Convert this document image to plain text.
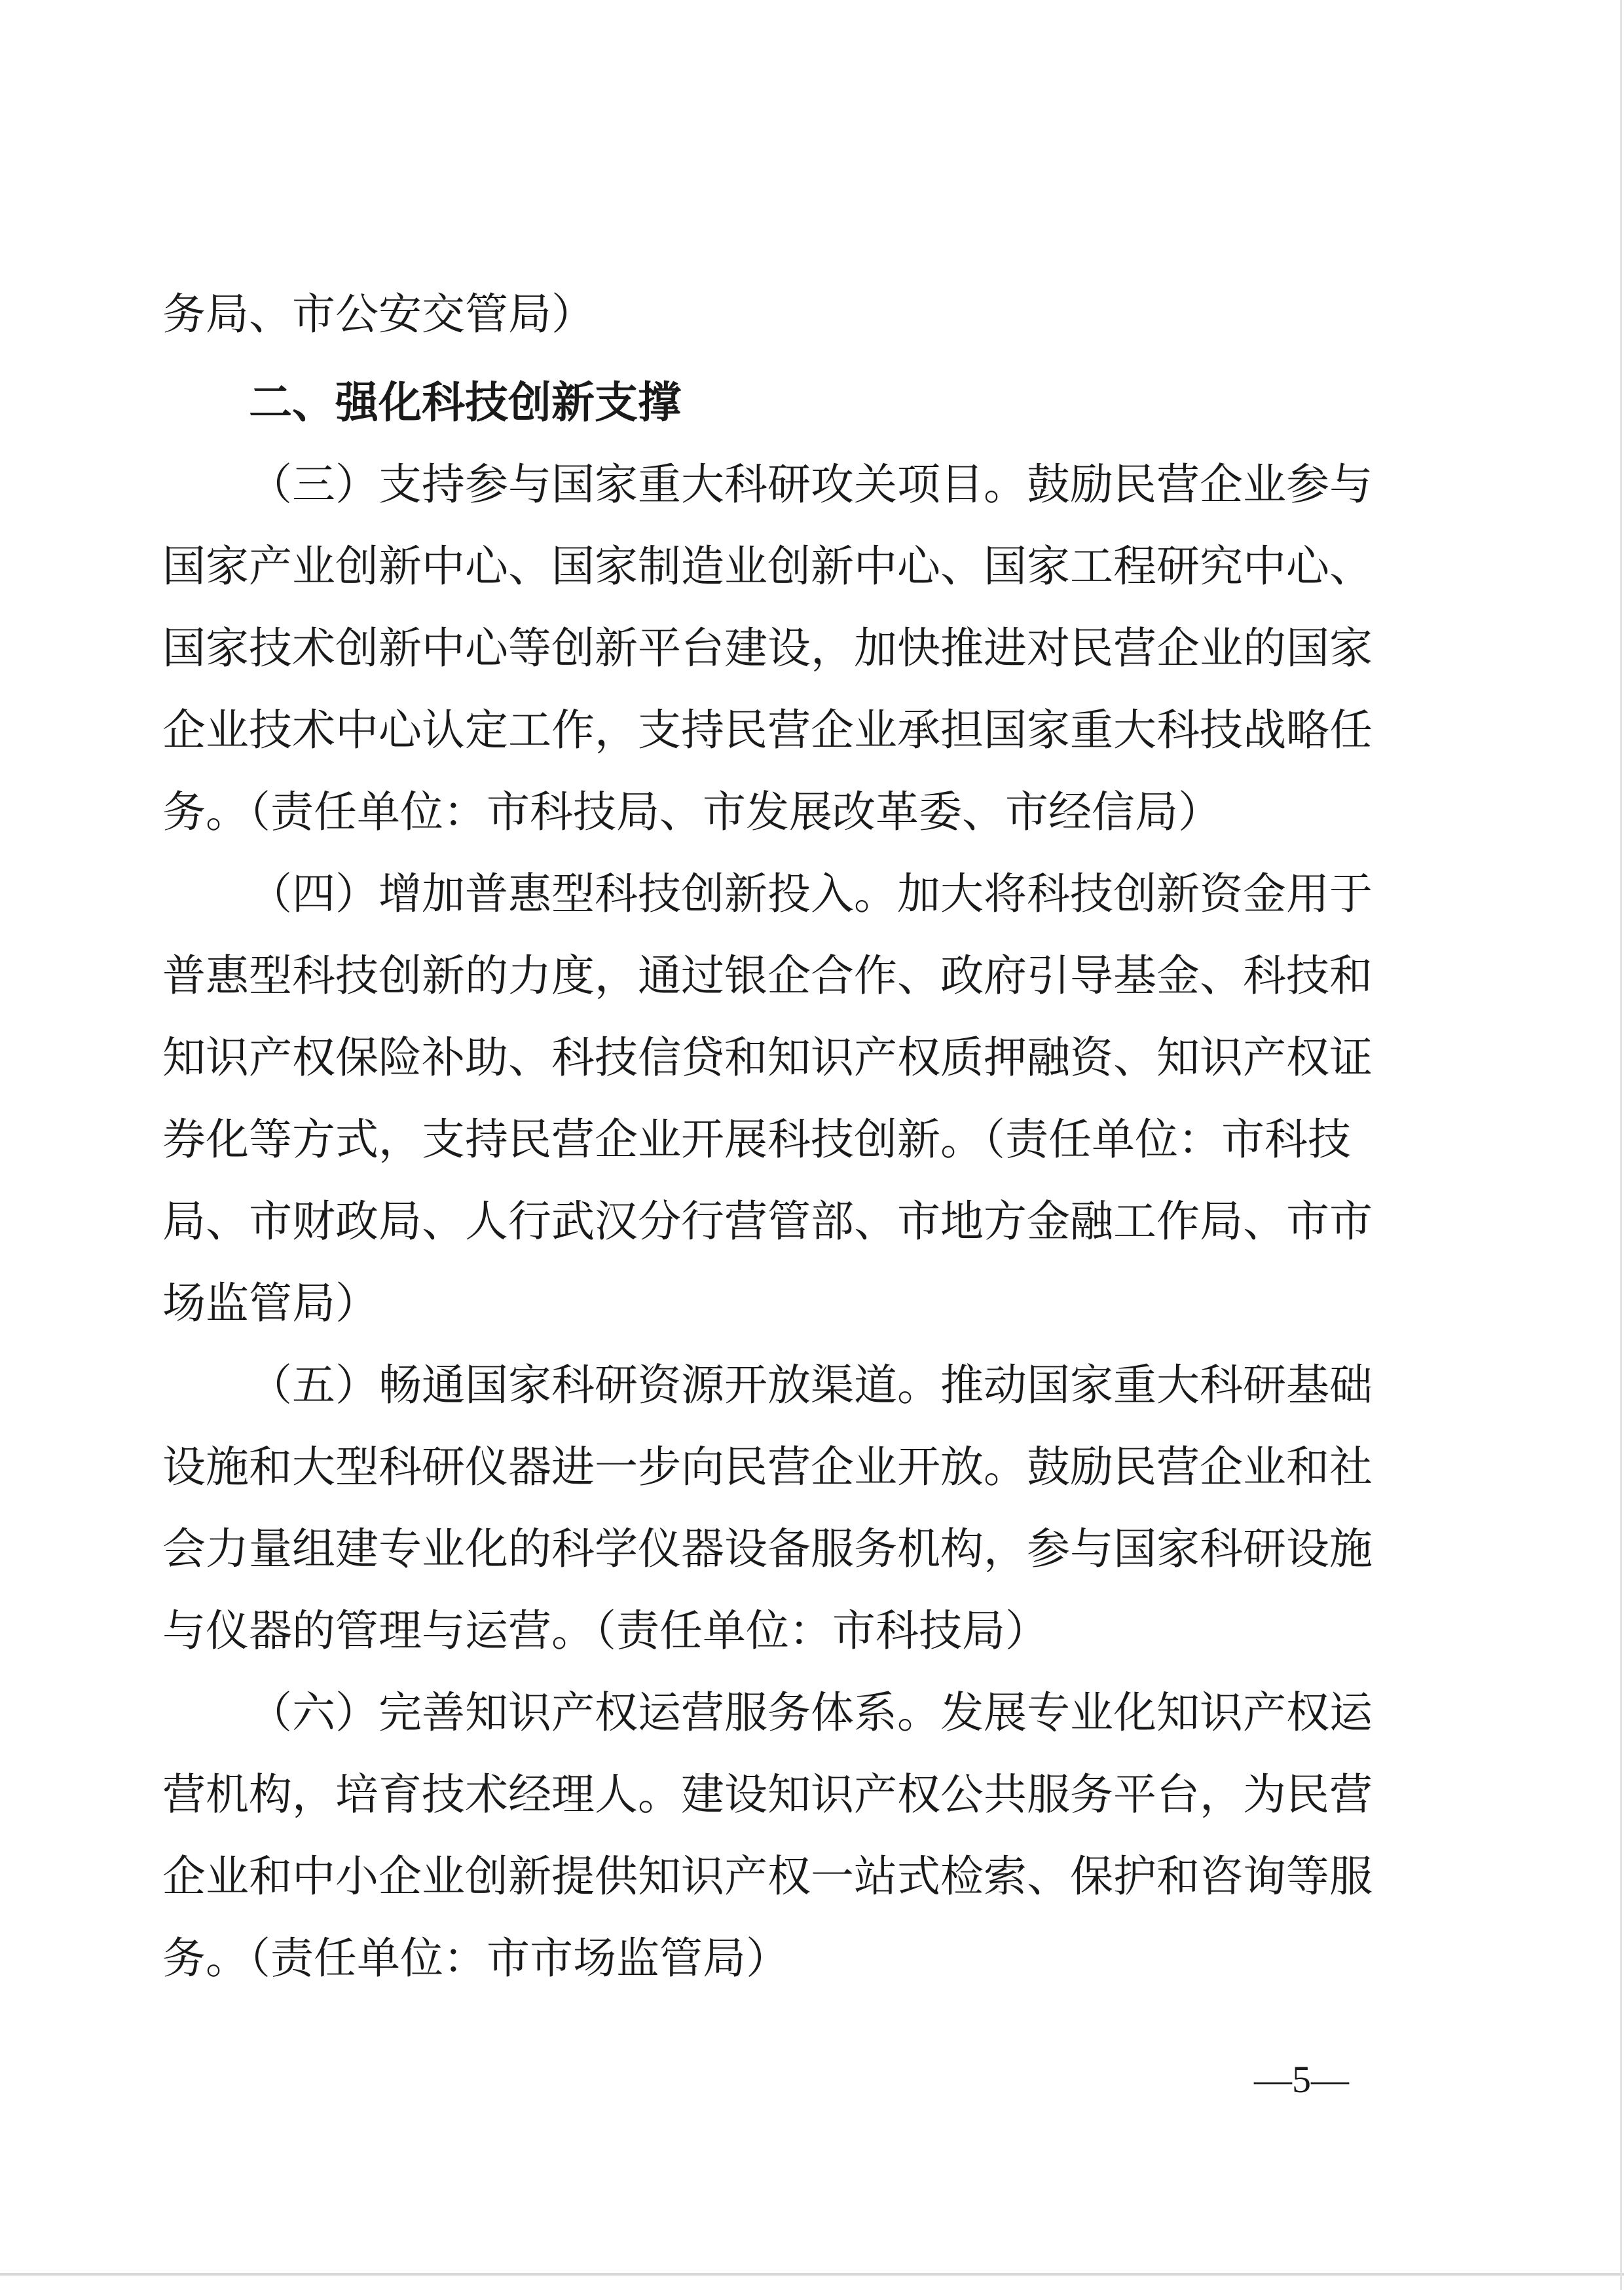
务局、市公安交管局）
二、强化科技创新支撑
（三）支持参与国家重大科研攻关项目。鼓励民营企业参与
国家产业创新中心、国家制造业创新中心、国家工程研究中心、
国家技术创新中心等创新平台建设，加快推进对民营企业的国家
企业技术中心认定工作，支持民营企业承担国家重大科技战略任
务。（责任单位：市科技局、市发展改革委、市经信局）
（四）增加普惠型科技创新投入。加大将科技创新资金用于
普惠型科技创新的力度，通过银企合作、政府引导基金、科技和
知识产权保险补助、科技信贷和知识产权质押融资、知识产权证
券化等方式，支持民营企业开展科技创新。（责任单位：市科技
局、市财政局、人行武汉分行营管部、市地方金融工作局、市市
场监管局）
（五）畅通国家科研资源开放渠道。推动国家重大科研基础
设施和大型科研仪器进一步向民营企业开放。鼓励民营企业和社
会力量组建专业化的科学仪器设备服务机构，参与国家科研设施
与仪器的管理与运营。（责任单位：市科技局）
（六）完善知识产权运营服务体系。发展专业化知识产权运
营机构，培育技术经理人。建设知识产权公共服务平台，为民营
企业和中小企业创新提供知识产权一站式检索、保护和咨询等服
务。（责任单位：市市场监管局）
—5—
